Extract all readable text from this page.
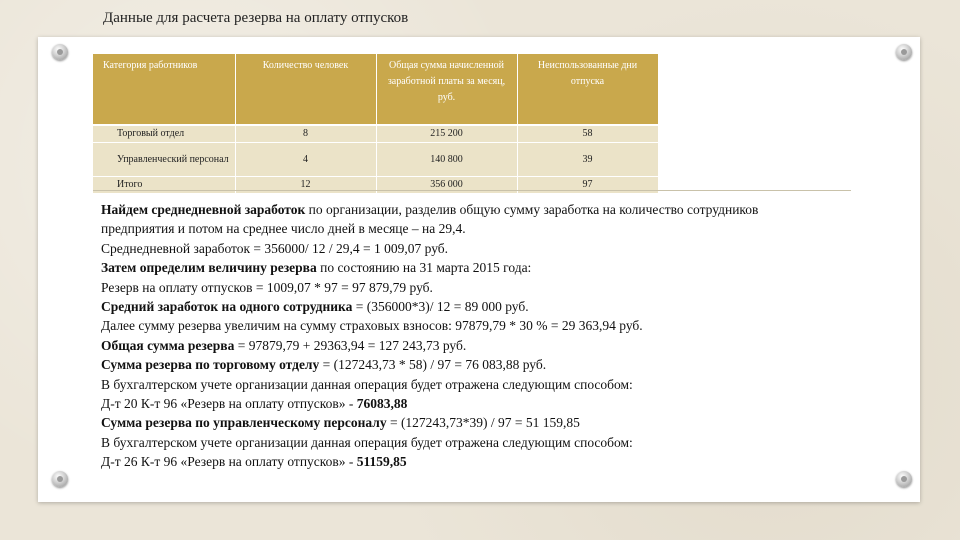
Данные для расчета резерва на оплату отпусков
Категория работников	Количество человек	Общая сумма начисленной заработной платы за месяц, руб.	Неиспользованные дни отпуска
Торговый отдел	8	215 200	58
Управленческий персонал	4	140 800	39
Итого	12	356 000	97

Найдем среднедневной заработок по организации, разделив общую сумму заработка на количество сотрудников предприятия и потом на среднее число дней в месяце – на 29,4.

Среднедневной заработок = 356000/ 12 / 29,4 = 1 009,07 руб.

Затем определим величину резерва по состоянию на 31 марта 2015 года:

Резерв на оплату отпусков = 1009,07 * 97 = 97 879,79 руб.

Средний заработок на одного сотрудника = (356000*3)/ 12 = 89 000 руб.

Далее сумму резерва увеличим на сумму страховых взносов: 97879,79 * 30 % = 29 363,94 руб.

Общая сумма резерва = 97879,79 + 29363,94 = 127 243,73 руб.

Сумма резерва по торговому отделу = (127243,73 * 58) / 97 = 76 083,88 руб.

В бухгалтерском учете организации данная операция будет отражена следующим способом:

Д-т 20 К-т 96 «Резерв на оплату отпусков» - 76083,88

Сумма резерва по управленческому персоналу = (127243,73*39) / 97 = 51 159,85

В бухгалтерском учете организации данная операция будет отражена следующим способом:

Д-т 26 К-т 96 «Резерв на оплату отпусков» - 51159,85
